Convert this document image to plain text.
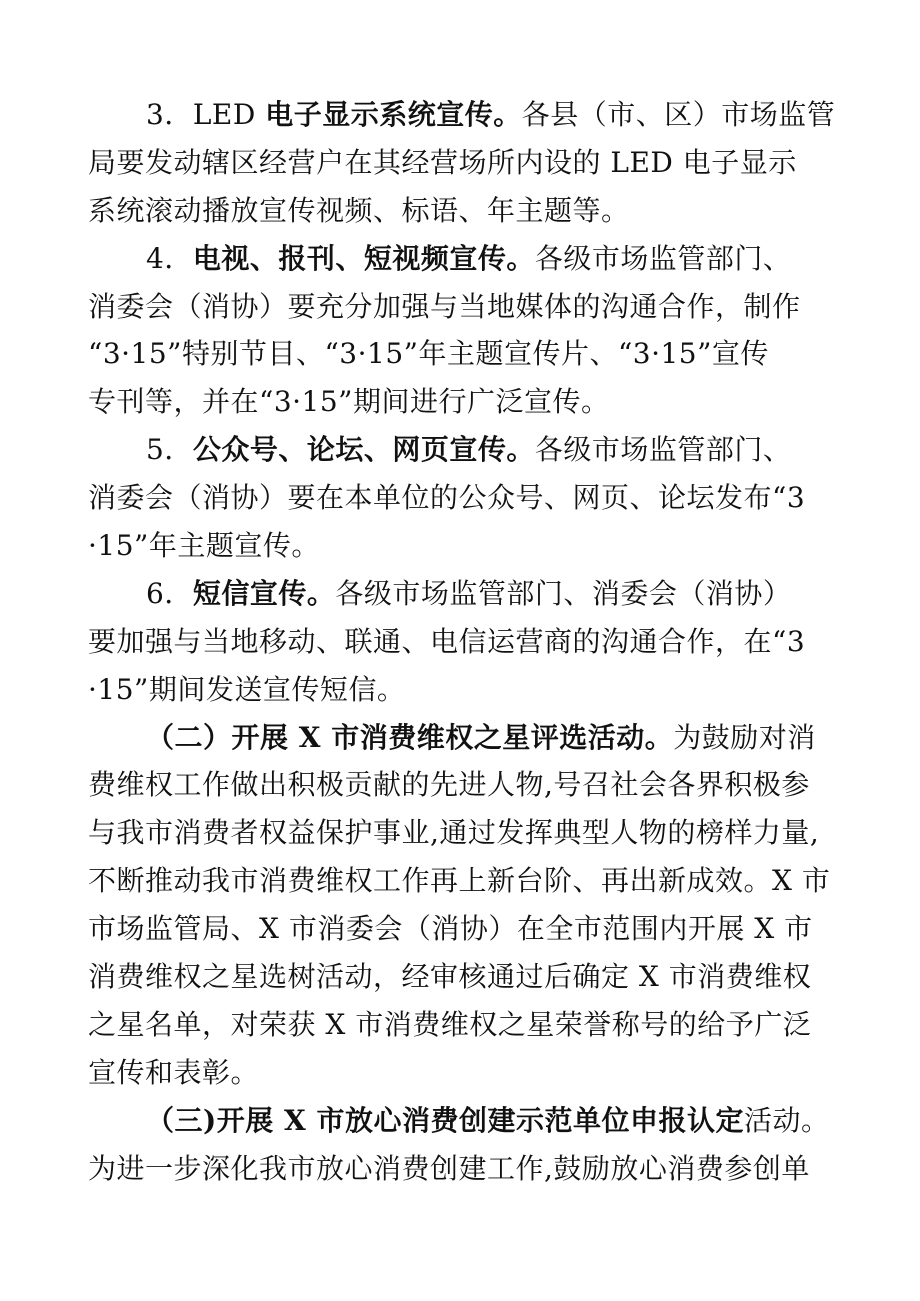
3．LED 电子显示系统宣传。各县（市、区）市场监管
局要发动辖区经营户在其经营场所内设的 LED 电子显示
系统滚动播放宣传视频、标语、年主题等。
4．电视、报刊、短视频宣传。各级市场监管部门、
消委会（消协）要充分加强与当地媒体的沟通合作，制作
“3·15”特别节目、“3·15”年主题宣传片、“3·15”宣传
专刊等，并在“3·15”期间进行广泛宣传。
5．公众号、论坛、网页宣传。各级市场监管部门、
消委会（消协）要在本单位的公众号、网页、论坛发布“3
·15”年主题宣传。
6．短信宣传。各级市场监管部门、消委会（消协）
要加强与当地移动、联通、电信运营商的沟通合作，在“3
·15”期间发送宣传短信。
（二）开展 X 市消费维权之星评选活动。为鼓励对消
费维权工作做出积极贡献的先进人物,号召社会各界积极参
与我市消费者权益保护事业,通过发挥典型人物的榜样力量,
不断推动我市消费维权工作再上新台阶、再出新成效。X 市
市场监管局、X 市消委会（消协）在全市范围内开展 X 市
消费维权之星选树活动，经审核通过后确定 X 市消费维权
之星名单，对荣获 X 市消费维权之星荣誉称号的给予广泛
宣传和表彰。
（三)开展 X 市放心消费创建示范单位申报认定活动。
为进一步深化我市放心消费创建工作,鼓励放心消费参创单
